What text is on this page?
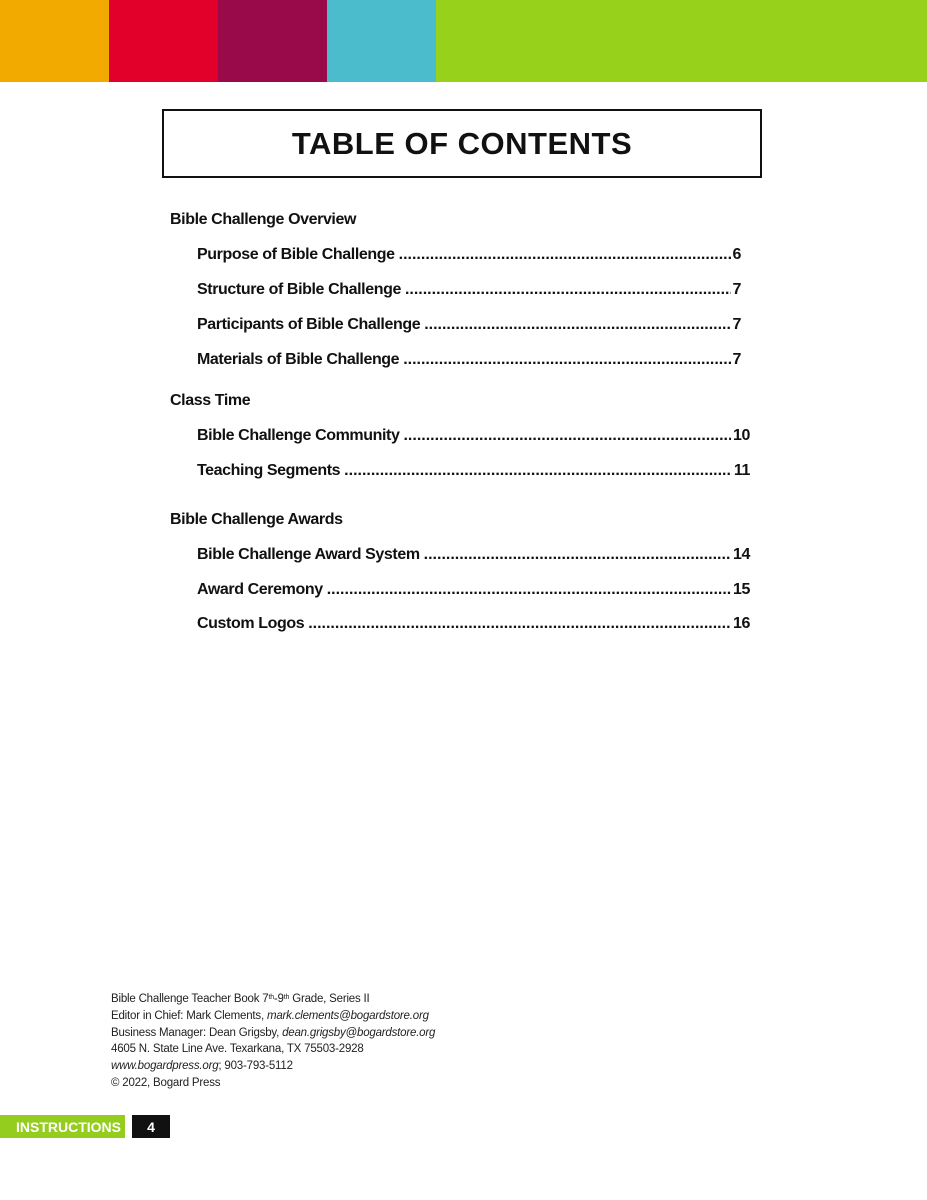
TABLE OF CONTENTS
Bible Challenge Overview
Purpose of Bible Challenge .....	6
Structure of Bible Challenge .....	7
Participants of Bible Challenge .....	7
Materials of Bible Challenge .....	7
Class Time
Bible Challenge Community .....	10
Teaching Segments .....	11
Bible Challenge Awards
Bible Challenge Award System .....	14
Award Ceremony .....	15
Custom Logos .....	16
Bible Challenge Teacher Book 7th-9th Grade, Series II
Editor in Chief: Mark Clements, mark.clements@bogardstore.org
Business Manager: Dean Grigsby, dean.grigsby@bogardstore.org
4605 N. State Line Ave. Texarkana, TX 75503-2928
www.bogardpress.org; 903-793-5112
© 2022, Bogard Press
INSTRUCTIONS	4
